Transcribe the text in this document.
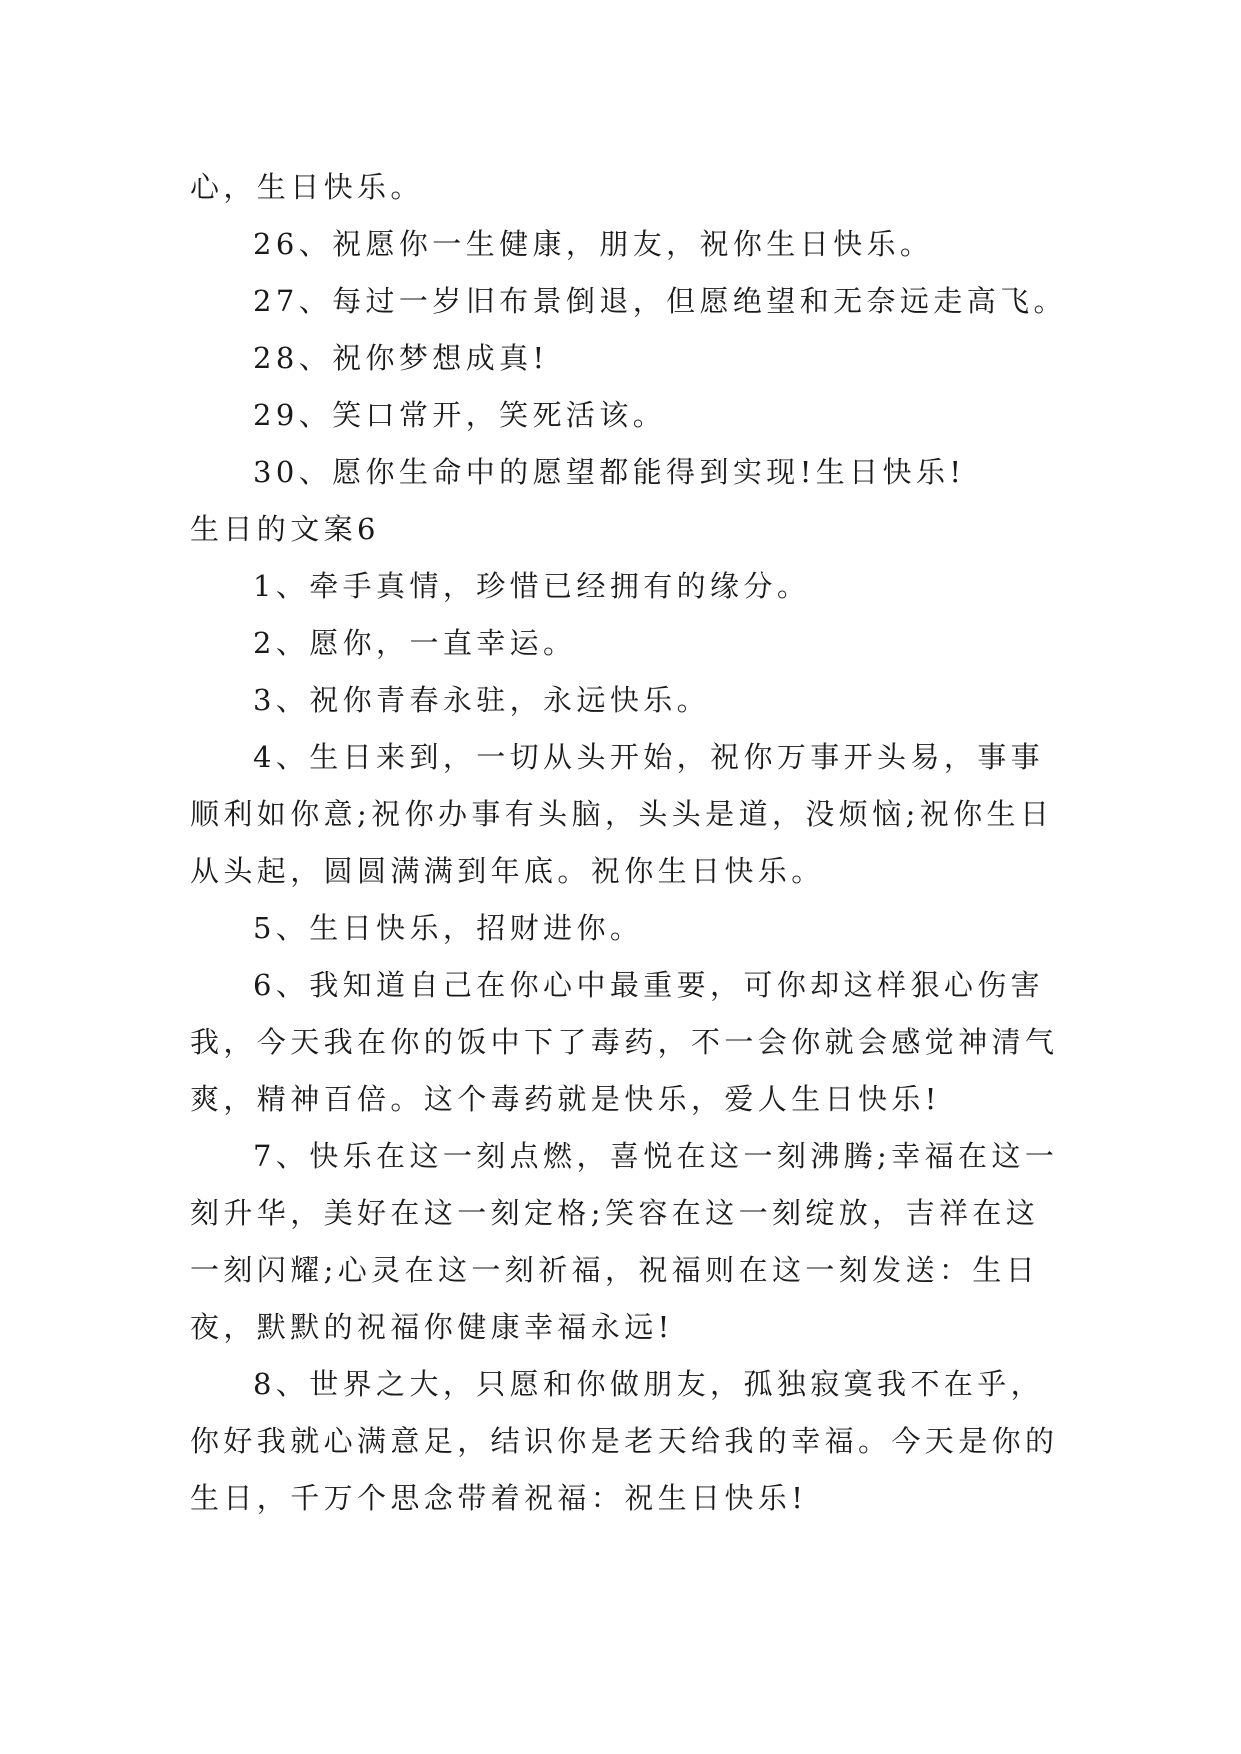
心，生日快乐。
26、祝愿你一生健康，朋友，祝你生日快乐。
27、每过一岁旧布景倒退，但愿绝望和无奈远走高飞。
28、祝你梦想成真!
29、笑口常开，笑死活该。
30、愿你生命中的愿望都能得到实现!生日快乐!
生日的文案6
1、牵手真情，珍惜已经拥有的缘分。
2、愿你，一直幸运。
3、祝你青春永驻，永远快乐。
4、生日来到，一切从头开始，祝你万事开头易，事事
顺利如你意;祝你办事有头脑，头头是道，没烦恼;祝你生日
从头起，圆圆满满到年底。祝你生日快乐。
5、生日快乐，招财进你。
6、我知道自己在你心中最重要，可你却这样狠心伤害
我，今天我在你的饭中下了毒药，不一会你就会感觉神清气
爽，精神百倍。这个毒药就是快乐，爱人生日快乐!
7、快乐在这一刻点燃，喜悦在这一刻沸腾;幸福在这一
刻升华，美好在这一刻定格;笑容在这一刻绽放，吉祥在这
一刻闪耀;心灵在这一刻祈福，祝福则在这一刻发送：生日
夜，默默的祝福你健康幸福永远!
8、世界之大，只愿和你做朋友，孤独寂寞我不在乎，
你好我就心满意足，结识你是老天给我的幸福。今天是你的
生日，千万个思念带着祝福：祝生日快乐!
